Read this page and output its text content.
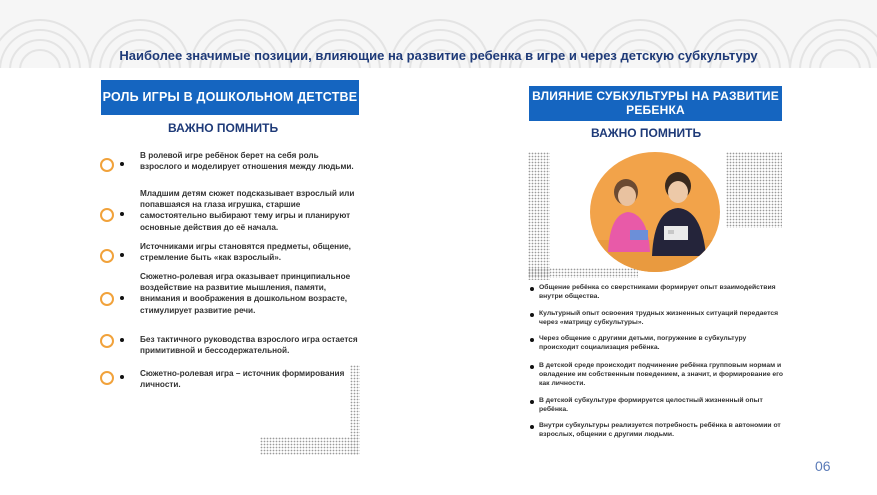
Наиболее значимые позиции, влияющие на развитие ребенка в игре и через детскую субкультуру
РОЛЬ ИГРЫ В ДОШКОЛЬНОМ ДЕТСТВЕ
ВАЖНО ПОМНИТЬ
В ролевой игре ребёнок берет на себя роль взрослого и моделирует отношения между людьми.
Младшим детям сюжет подсказывает взрослый или попавшаяся на глаза игрушка, старшие самостоятельно выбирают тему игры и планируют основные действия до её начала.
Источниками игры становятся предметы, общение, стремление быть «как взрослый».
Сюжетно-ролевая игра оказывает принципиальное воздействие на развитие мышления, памяти, внимания и воображения в дошкольном возрасте, стимулирует развитие речи.
Без тактичного руководства взрослого игра остается примитивной и бессодержательной.
Сюжетно-ролевая игра – источник формирования личности.
ВЛИЯНИЕ СУБКУЛЬТУРЫ НА РАЗВИТИЕ РЕБЕНКА
ВАЖНО ПОМНИТЬ
Общение ребёнка со сверстниками формирует опыт взаимодействия внутри общества.
Культурный опыт освоения трудных жизненных ситуаций передается через «матрицу субкультуры».
Через общение с другими детьми, погружение в субкультуру происходит социализация ребёнка.
В детской среде происходит подчинение ребёнка групповым нормам и овладение им собственным поведением, а значит, и формирование его как личности.
В детской субкультуре формируется целостный жизненный опыт ребёнка.
Внутри субкультуры реализуется потребность ребёнка в автономии от взрослых, общении с другими людьми.
06
